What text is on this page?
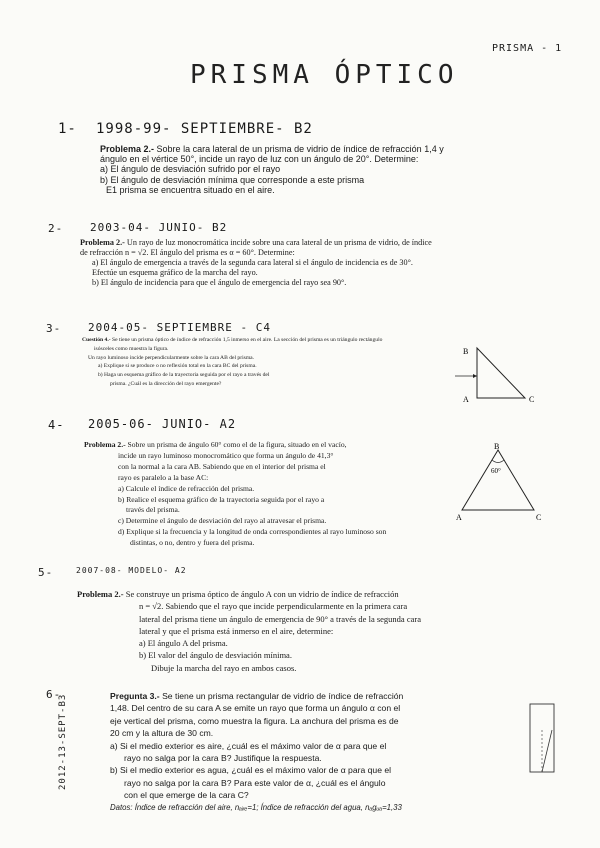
PRISMA - 1
PRISMA ÓPTICO
1- 1998-99- SEPTIEMBRE- B2

Problema 2.- Sobre la cara lateral de un prisma de vidrio de índice de refracción 1,4 y

ángulo en el vértice 50°, incide un rayo de luz con un ángulo de 20°. Determine:

a) El ángulo de desviación sufrido por el rayo

b) El ángulo de desviación mínima que corresponde a este prisma

E1 prisma se encuentra situado en el aire.

2- 2003-04- JUNIO- B2

Problema 2.- Un rayo de luz monocromática incide sobre una cara lateral de un prisma de vidrio, de índice

de refracción n = √2. El ángulo del prisma es α = 60°. Determine:

a) El ángulo de emergencia a través de la segunda cara lateral si el ángulo de incidencia es de 30°.

Efectúe un esquema gráfico de la marcha del rayo.

b) El ángulo de incidencia para que el ángulo de emergencia del rayo sea 90°.

3- 2004-05- SEPTIEMBRE - C4

Cuestión 4.- Se tiene un prisma óptico de índice de refracción 1,5 inmerso en el aire. La sección del prisma es un triángulo rectángulo

isósceles como muestra la figura.

Un rayo luminoso incide perpendicularmente sobre la cara AB del prisma.

a) Explique si se produce o no reflexión total en la cara BC del prisma.

b) Haga un esquema gráfico de la trayectoria seguida por el rayo a través del

prisma. ¿Cuál es la dirección del rayo emergente?

B
A	C
4- 2005-06- JUNIO- A2

Problema 2.- Sobre un prisma de ángulo 60° como el de la figura, situado en el vacío,

incide un rayo luminoso monocromático que forma un ángulo de 41,3°

con la normal a la cara AB. Sabiendo que en el interior del prisma el

rayo es paralelo a la base AC:

a) Calcule el índice de refracción del prisma.

b) Realice el esquema gráfico de la trayectoria seguida por el rayo a

través del prisma.

c) Determine el ángulo de desviación del rayo al atravesar el prisma.

d) Explique si la frecuencia y la longitud de onda correspondientes al rayo luminoso son

distintas, o no, dentro y fuera del prisma.

B
60°
A	C
5-	2007-08- MODELO- A2

Problema 2.- Se construye un prisma óptico de ángulo A con un vidrio de índice de refracción

n = √2. Sabiendo que el rayo que incide perpendicularmente en la primera cara

lateral del prisma tiene un ángulo de emergencia de 90° a través de la segunda cara

lateral y que el prisma está inmerso en el aire, determine:

a) El ángulo A del prisma.

b) El valor del ángulo de desviación mínima.

Dibuje la marcha del rayo en ambos casos.

6-
2012-13-SEPT-B3	Pregunta 3.- Se tiene un prisma rectangular de vidrio de índice de refracción

1,48. Del centro de su cara A se emite un rayo que forma un ángulo α con el

eje vertical del prisma, como muestra la figura. La anchura del prisma es de

20 cm y la altura de 30 cm.

a) Si el medio exterior es aire, ¿cuál es el máximo valor de α para que el

rayo no salga por la cara B? Justifique la respuesta.

b) Si el medio exterior es agua, ¿cuál es el máximo valor de α para que el

rayo no salga por la cara B? Para este valor de α, ¿cuál es el ángulo

con el que emerge de la cara C?

Datos: Índice de refracción del aire, nₐᵢᵣₑ=1; Índice de refracción del agua, nₐgᵤₐ=1,33
